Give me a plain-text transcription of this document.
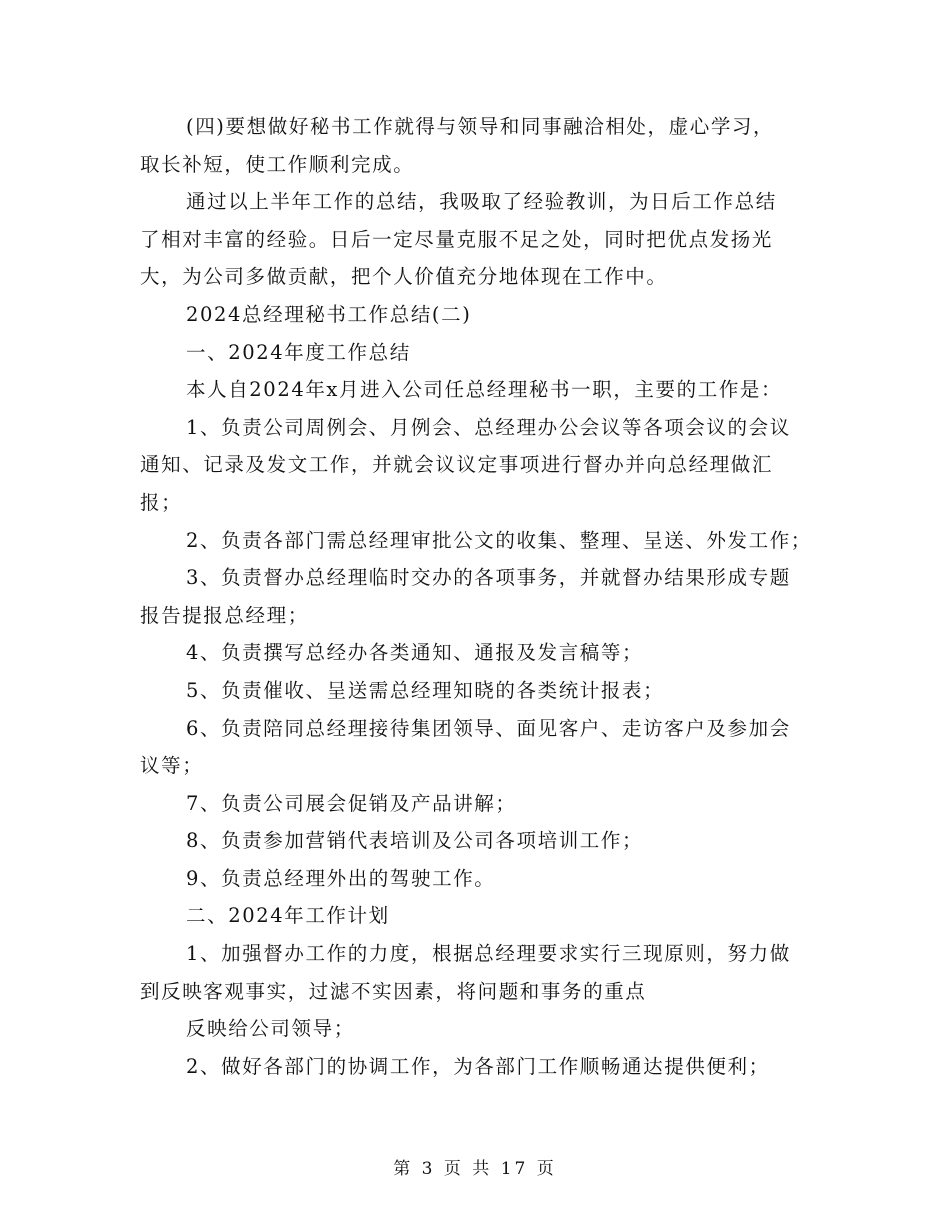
(四)要想做好秘书工作就得与领导和同事融洽相处，虚心学习，
取长补短，使工作顺利完成。
通过以上半年工作的总结，我吸取了经验教训，为日后工作总结
了相对丰富的经验。日后一定尽量克服不足之处，同时把优点发扬光
大，为公司多做贡献，把个人价值充分地体现在工作中。
2024总经理秘书工作总结(二)
一、2024年度工作总结
本人自2024年x月进入公司任总经理秘书一职，主要的工作是：
1、负责公司周例会、月例会、总经理办公会议等各项会议的会议
通知、记录及发文工作，并就会议议定事项进行督办并向总经理做汇
报；
2、负责各部门需总经理审批公文的收集、整理、呈送、外发工作；
3、负责督办总经理临时交办的各项事务，并就督办结果形成专题
报告提报总经理；
4、负责撰写总经办各类通知、通报及发言稿等；
5、负责催收、呈送需总经理知晓的各类统计报表；
6、负责陪同总经理接待集团领导、面见客户、走访客户及参加会
议等；
7、负责公司展会促销及产品讲解；
8、负责参加营销代表培训及公司各项培训工作；
9、负责总经理外出的驾驶工作。
二、2024年工作计划
1、加强督办工作的力度，根据总经理要求实行三现原则，努力做
到反映客观事实，过滤不实因素，将问题和事务的重点
反映给公司领导；
2、做好各部门的协调工作，为各部门工作顺畅通达提供便利；
第 3 页 共 17 页
